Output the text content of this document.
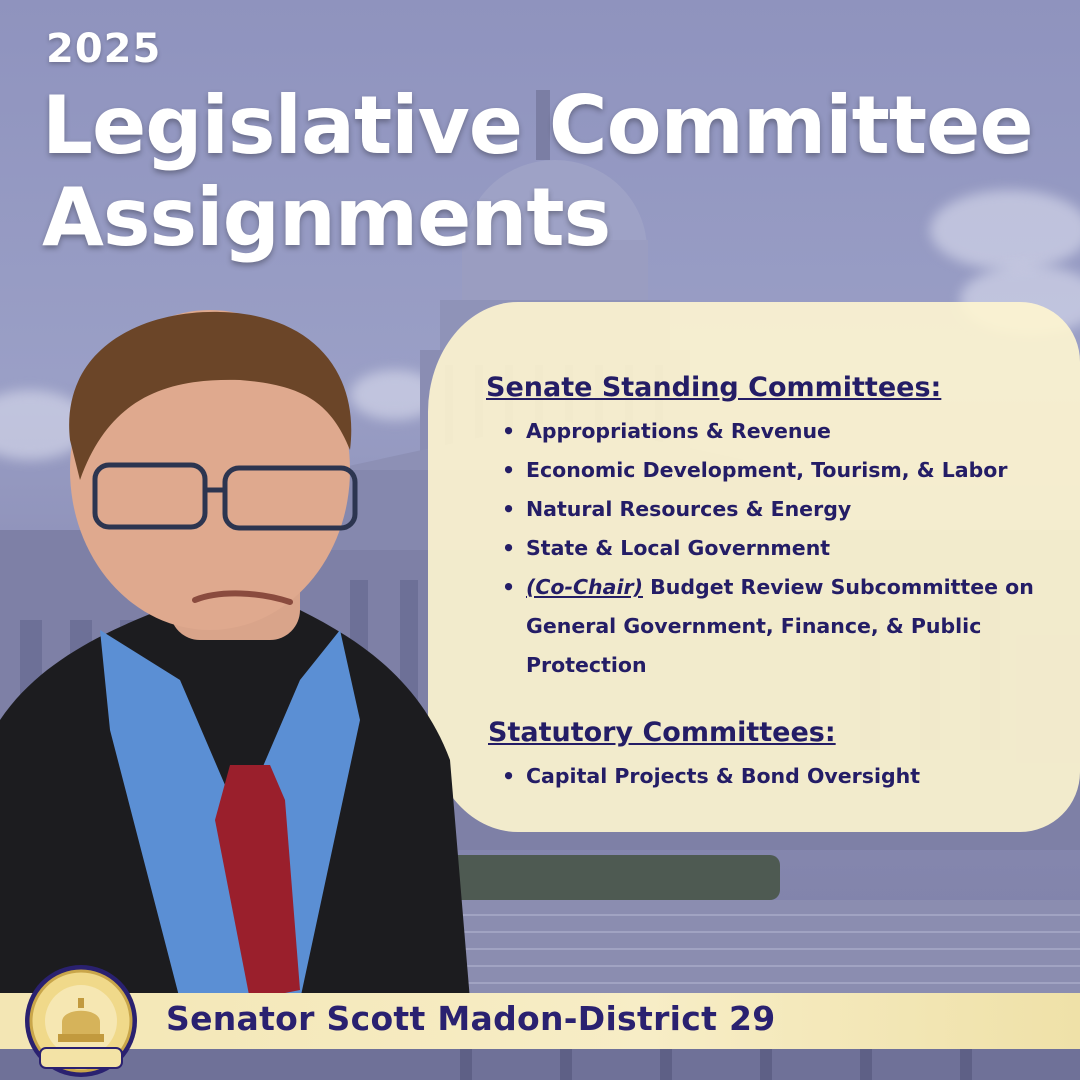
2025
Legislative Committee
Assignments
Senate Standing Committees:
• Appropriations & Revenue
• Economic Development, Tourism, & Labor
• Natural Resources & Energy
• State & Local Government
• (Co-Chair) Budget Review Subcommittee on General Government, Finance, & Public Protection
Statutory Committees:
• Capital Projects & Bond Oversight
Senator Scott Madon-District 29
